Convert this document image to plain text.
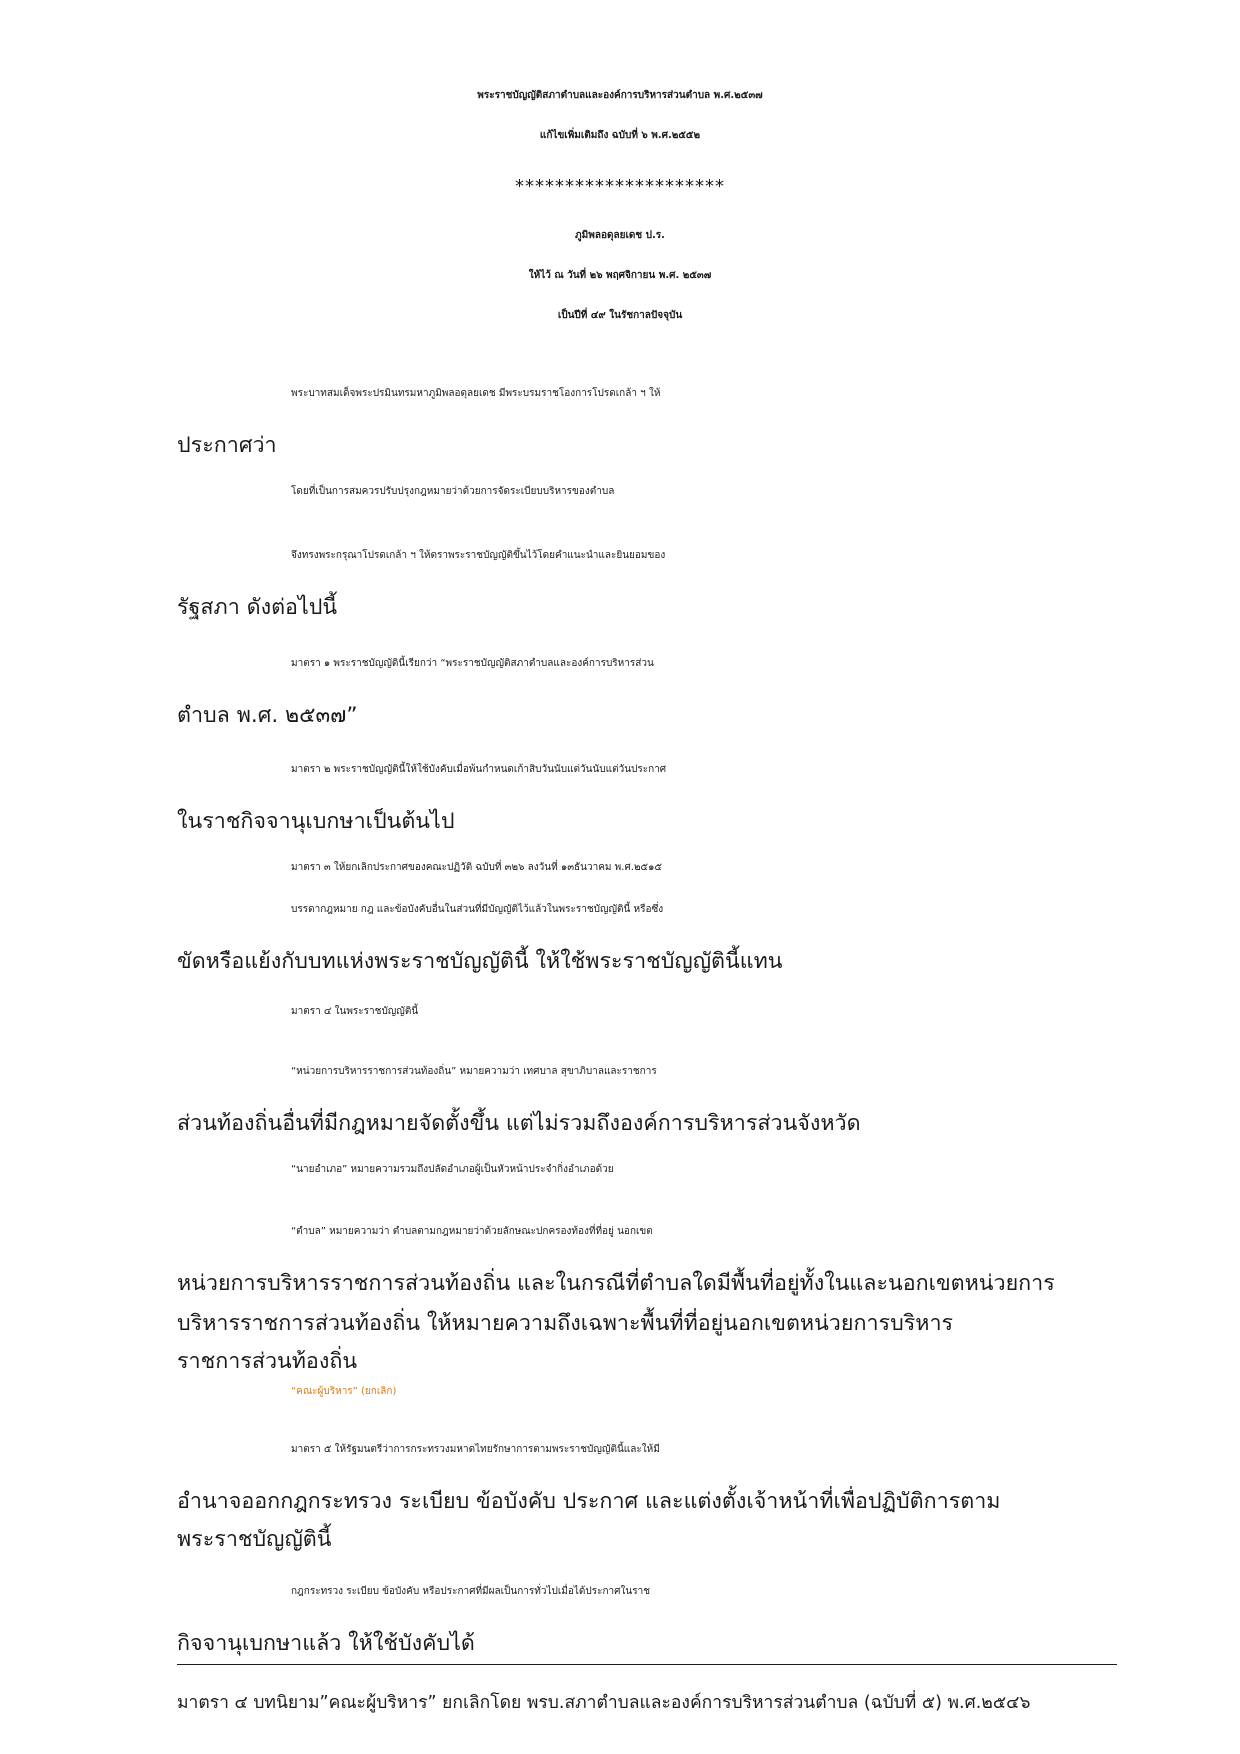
พระราชบัญญัติสภาตำบลและองค์การบริหารส่วนตำบล พ.ศ.๒๕๓๗
แก้ไขเพิ่มเติมถึง ฉบับที่ ๖ พ.ศ.๒๕๕๒
*********************
ภูมิพลอดุลยเดช ป.ร.
ให้ไว้ ณ วันที่ ๒๖ พฤศจิกายน พ.ศ. ๒๕๓๗
เป็นปีที่ ๔๙ ในรัชกาลปัจจุบัน
พระบาทสมเด็จพระปรมินทรมหาภูมิพลอดุลยเดช มีพระบรมราชโองการโปรดเกล้า ฯ ให้
ประกาศว่า
โดยที่เป็นการสมควรปรับปรุงกฎหมายว่าด้วยการจัดระเบียบบริหารของตำบล
จึงทรงพระกรุณาโปรดเกล้า ฯ ให้ตราพระราชบัญญัติขึ้นไว้โดยคำแนะนำและยินยอมของ
รัฐสภา ดังต่อไปนี้
มาตรา ๑ พระราชบัญญัตินี้เรียกว่า “พระราชบัญญัติสภาตำบลและองค์การบริหารส่วน
ตำบล พ.ศ. ๒๕๓๗”
มาตรา ๒ พระราชบัญญัตินี้ให้ใช้บังคับเมื่อพ้นกำหนดเก้าสิบวันนับแต่วันนับแต่วันประกาศ
ในราชกิจจานุเบกษาเป็นต้นไป
มาตรา ๓ ให้ยกเลิกประกาศของคณะปฏิวัติ ฉบับที่ ๓๒๖ ลงวันที่ ๑๓ธันวาคม พ.ศ.๒๕๑๕
บรรดากฎหมาย กฎ และข้อบังคับอื่นในส่วนที่มีบัญญัติไว้แล้วในพระราชบัญญัตินี้ หรือซึ่ง
ขัดหรือแย้งกับบทแห่งพระราชบัญญัตินี้ ให้ใช้พระราชบัญญัตินี้แทน
มาตรา ๔ ในพระราชบัญญัตินี้
“หน่วยการบริหารราชการส่วนท้องถิ่น” หมายความว่า เทศบาล สุขาภิบาลและราชการ
ส่วนท้องถิ่นอื่นที่มีกฎหมายจัดตั้งขึ้น แต่ไม่รวมถึงองค์การบริหารส่วนจังหวัด
“นายอำเภอ” หมายความรวมถึงปลัดอำเภอผู้เป็นหัวหน้าประจำกิ่งอำเภอด้วย
“ตำบล” หมายความว่า ตำบลตามกฎหมายว่าด้วยลักษณะปกครองท้องที่ที่อยู่ นอกเขต
หน่วยการบริหารราชการส่วนท้องถิ่น และในกรณีที่ตำบลใดมีพื้นที่อยู่ทั้งในและนอกเขตหน่วยการ
บริหารราชการส่วนท้องถิ่น ให้หมายความถึงเฉพาะพื้นที่ที่อยู่นอกเขตหน่วยการบริหาร
ราชการส่วนท้องถิ่น
“คณะผู้บริหาร” (ยกเลิก)
มาตรา ๕ ให้รัฐมนตรีว่าการกระทรวงมหาดไทยรักษาการตามพระราชบัญญัตินี้และให้มี
อำนาจออกกฎกระทรวง ระเบียบ ข้อบังคับ ประกาศ และแต่งตั้งเจ้าหน้าที่เพื่อปฏิบัติการตาม
พระราชบัญญัตินี้
กฎกระทรวง ระเบียบ ข้อบังคับ หรือประกาศที่มีผลเป็นการทั่วไปเมื่อได้ประกาศในราช
กิจจานุเบกษาแล้ว ให้ใช้บังคับได้
มาตรา ๔ บทนิยาม”คณะผู้บริหาร” ยกเลิกโดย พรบ.สภาตำบลและองค์การบริหารส่วนตำบล (ฉบับที่ ๕) พ.ศ.๒๕๔๖
